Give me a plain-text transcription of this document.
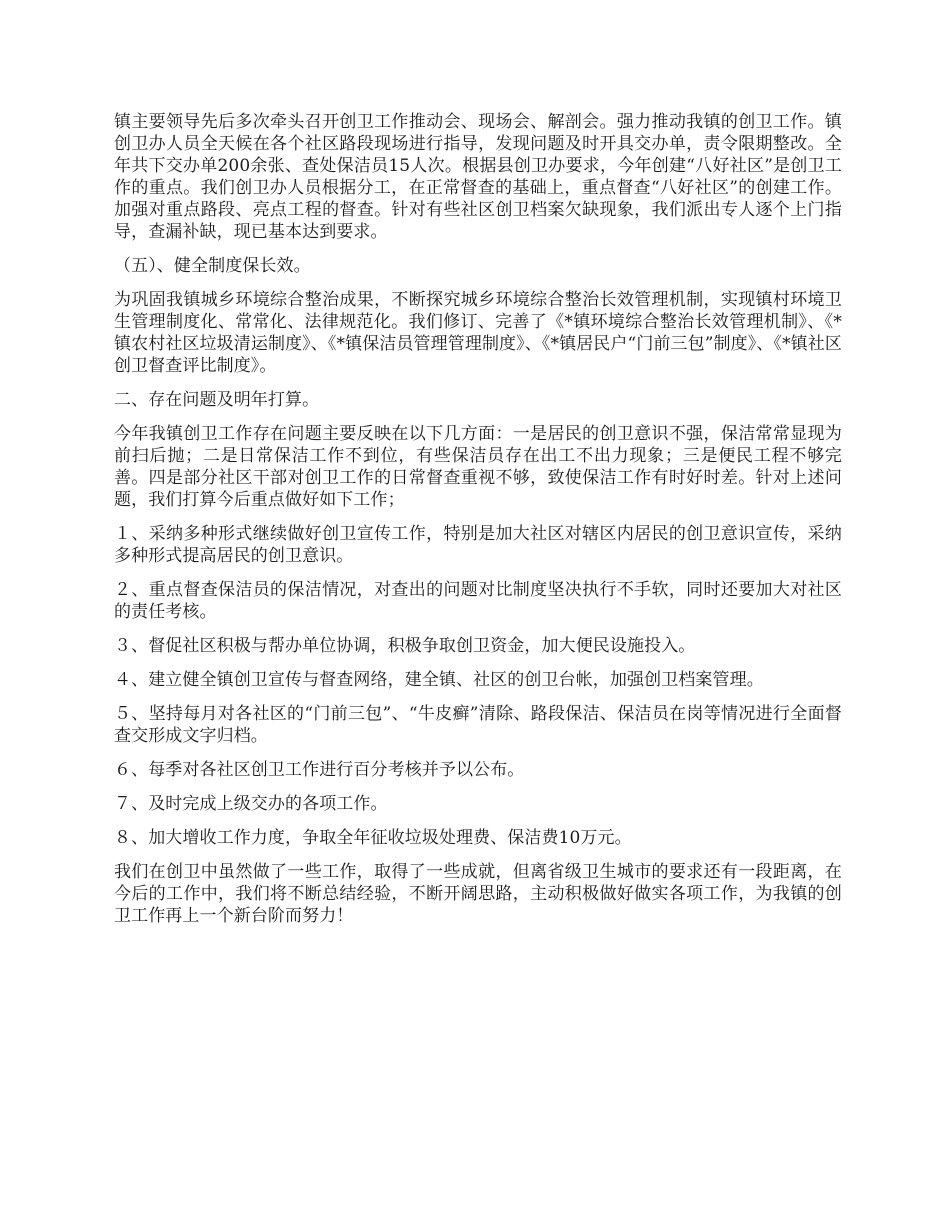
镇主要领导先后多次牵头召开创卫工作推动会、现场会、解剖会。强力推动我镇的创卫工作。镇创卫办人员全天候在各个社区路段现场进行指导，发现问题及时开具交办单，责令限期整改。全年共下交办单200余张、查处保洁员15人次。根据县创卫办要求，今年创建“八好社区”是创卫工作的重点。我们创卫办人员根据分工，在正常督查的基础上，重点督查“八好社区”的创建工作。加强对重点路段、亮点工程的督查。针对有些社区创卫档案欠缺现象，我们派出专人逐个上门指导，查漏补缺，现已基本达到要求。

（五）、健全制度保长效。

为巩固我镇城乡环境综合整治成果，不断探究城乡环境综合整治长效管理机制，实现镇村环境卫生管理制度化、常常化、法律规范化。我们修订、完善了《*镇环境综合整治长效管理机制》、《*镇农村社区垃圾清运制度》、《*镇保洁员管理管理制度》、《*镇居民户“门前三包”制度》、《*镇社区创卫督查评比制度》。

二、存在问题及明年打算。

今年我镇创卫工作存在问题主要反映在以下几方面：一是居民的创卫意识不强，保洁常常显现为前扫后抛；二是日常保洁工作不到位，有些保洁员存在出工不出力现象；三是便民工程不够完善。四是部分社区干部对创卫工作的日常督查重视不够，致使保洁工作有时好时差。针对上述问题，我们打算今后重点做好如下工作；

１、采纳多种形式继续做好创卫宣传工作，特别是加大社区对辖区内居民的创卫意识宣传，采纳多种形式提高居民的创卫意识。

２、重点督查保洁员的保洁情况，对查出的问题对比制度坚决执行不手软，同时还要加大对社区的责任考核。

３、督促社区积极与帮办单位协调，积极争取创卫资金，加大便民设施投入。

４、建立健全镇创卫宣传与督查网络，建全镇、社区的创卫台帐，加强创卫档案管理。

５、坚持每月对各社区的“门前三包”、“牛皮癣”清除、路段保洁、保洁员在岗等情况进行全面督查交形成文字归档。

６、每季对各社区创卫工作进行百分考核并予以公布。

７、及时完成上级交办的各项工作。

８、加大增收工作力度，争取全年征收垃圾处理费、保洁费10万元。

我们在创卫中虽然做了一些工作，取得了一些成就，但离省级卫生城市的要求还有一段距离，在今后的工作中，我们将不断总结经验，不断开阔思路，主动积极做好做实各项工作，为我镇的创卫工作再上一个新台阶而努力！
